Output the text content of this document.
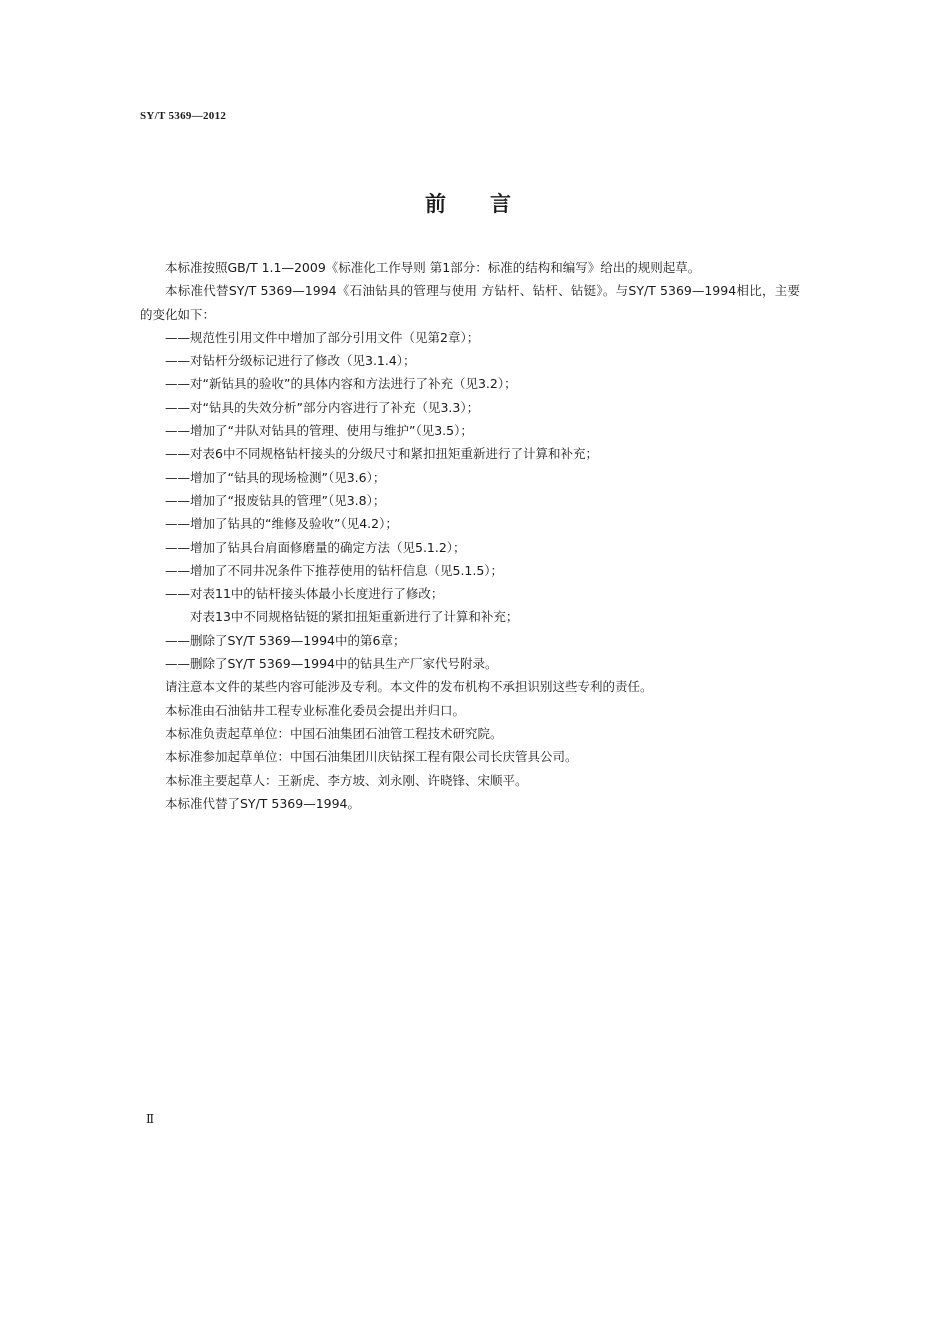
SY/T 5369—2012
前言

本标准按照GB/T 1.1—2009《标准化工作导则 第1部分：标准的结构和编写》给出的规则起草。

本标准代替SY/T 5369—1994《石油钻具的管理与使用 方钻杆、钻杆、钻铤》。与SY/T 5369—1994相比，主要的变化如下：

——规范性引用文件中增加了部分引用文件（见第2章）；

——对钻杆分级标记进行了修改（见3.1.4）；

——对“新钻具的验收”的具体内容和方法进行了补充（见3.2）；

——对“钻具的失效分析”部分内容进行了补充（见3.3）；

——增加了“井队对钻具的管理、使用与维护”（见3.5）；

——对表6中不同规格钻杆接头的分级尺寸和紧扣扭矩重新进行了计算和补充；

——增加了“钻具的现场检测”（见3.6）；

——增加了“报废钻具的管理”（见3.8）；

——增加了钻具的“维修及验收”（见4.2）；

——增加了钻具台肩面修磨量的确定方法（见5.1.2）；

——增加了不同井况条件下推荐使用的钻杆信息（见5.1.5）；

——对表11中的钻杆接头体最小长度进行了修改；

对表13中不同规格钻铤的紧扣扭矩重新进行了计算和补充；

——删除了SY/T 5369—1994中的第6章；

——删除了SY/T 5369—1994中的钻具生产厂家代号附录。

请注意本文件的某些内容可能涉及专利。本文件的发布机构不承担识别这些专利的责任。

本标准由石油钻井工程专业标准化委员会提出并归口。

本标准负责起草单位：中国石油集团石油管工程技术研究院。

本标准参加起草单位：中国石油集团川庆钻探工程有限公司长庆管具公司。

本标准主要起草人：王新虎、李方坡、刘永刚、许晓锋、宋顺平。

本标准代替了SY/T 5369—1994。

Ⅱ
